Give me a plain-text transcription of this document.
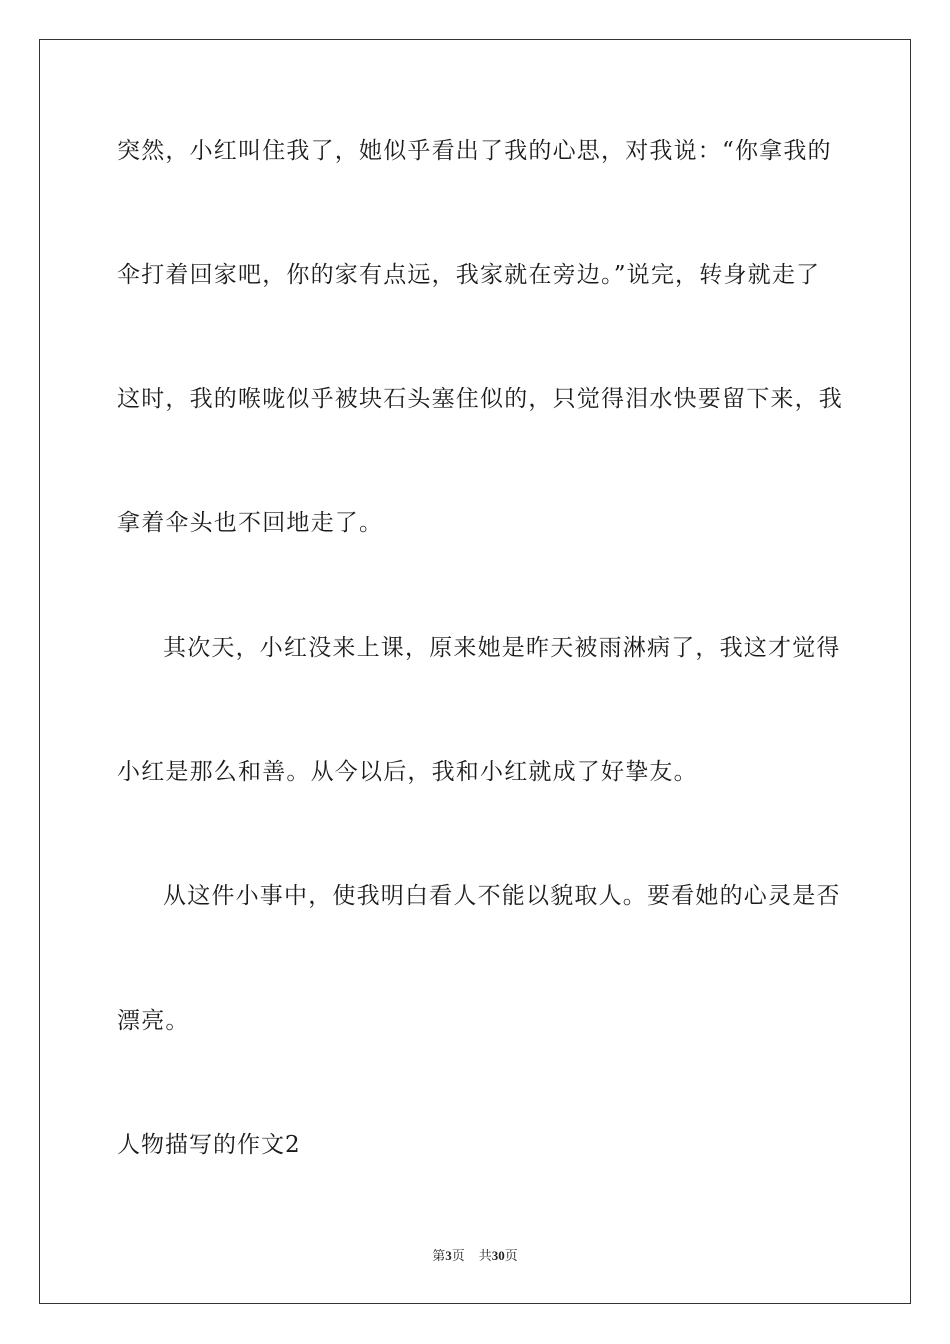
突然，小红叫住我了，她似乎看出了我的心思，对我说：“你拿我的
伞打着回家吧，你的家有点远，我家就在旁边。”说完，转身就走了
这时，我的喉咙似乎被块石头塞住似的，只觉得泪水快要留下来，我
拿着伞头也不回地走了。
其次天，小红没来上课，原来她是昨天被雨淋病了，我这才觉得
小红是那么和善。从今以后，我和小红就成了好挚友。
从这件小事中，使我明白看人不能以貌取人。要看她的心灵是否
漂亮。
人物描写的作文2
第3页 共30页
